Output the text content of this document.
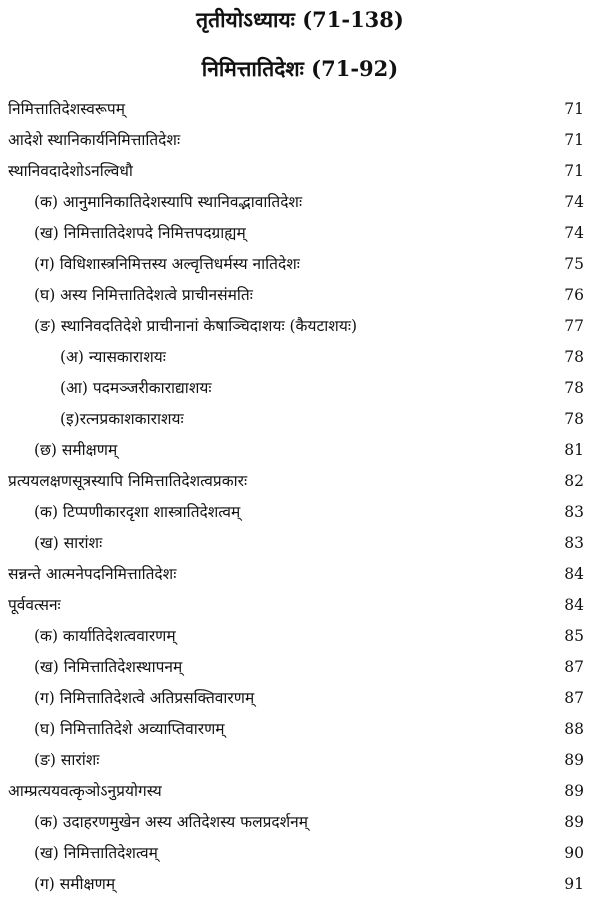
तृतीयोऽध्यायः (71-138)
निमित्तातिदेशः (71-92)
निमित्तातिदेशस्वरूपम्	71
आदेशे स्थानिकार्यनिमित्तातिदेशः	71
स्थानिवदादेशोऽनल्विधौ	71
(क) आनुमानिकातिदेशस्यापि स्थानिवद्भावातिदेशः	74
(ख) निमित्तातिदेशपदे निमित्तपदग्राह्यम्	74
(ग) विधिशास्त्रनिमित्तस्य अल्वृत्तिधर्मस्य नातिदेशः	75
(घ) अस्य निमित्तातिदेशत्वे प्राचीनसंमतिः	76
(ङ) स्थानिवदतिदेशे प्राचीनानां केषाञ्चिदाशयः (कैयटाशयः)	77
(अ) न्यासकाराशयः	78
(आ) पदमञ्जरीकाराद्याशयः	78
(इ)रत्नप्रकाशकाराशयः	78
(छ) समीक्षणम्	81
प्रत्ययलक्षणसूत्रस्यापि निमित्तातिदेशत्वप्रकारः	82
(क) टिप्पणीकारदृशा शास्त्रातिदेशत्वम्	83
(ख) सारांशः	83
सन्नन्ते आत्मनेपदनिमित्तातिदेशः	84
पूर्ववत्सनः	84
(क) कार्यातिदेशत्ववारणम्	85
(ख) निमित्तातिदेशस्थापनम्	87
(ग) निमित्तातिदेशत्वे अतिप्रसक्तिवारणम्	87
(घ) निमित्तातिदेशे अव्याप्तिवारणम्	88
(ङ) सारांशः	89
आम्प्रत्ययवत्कृञोऽनुप्रयोगस्य	89
(क) उदाहरणमुखेन अस्य अतिदेशस्य फलप्रदर्शनम्	89
(ख) निमित्तातिदेशत्वम्	90
(ग) समीक्षणम्	91
